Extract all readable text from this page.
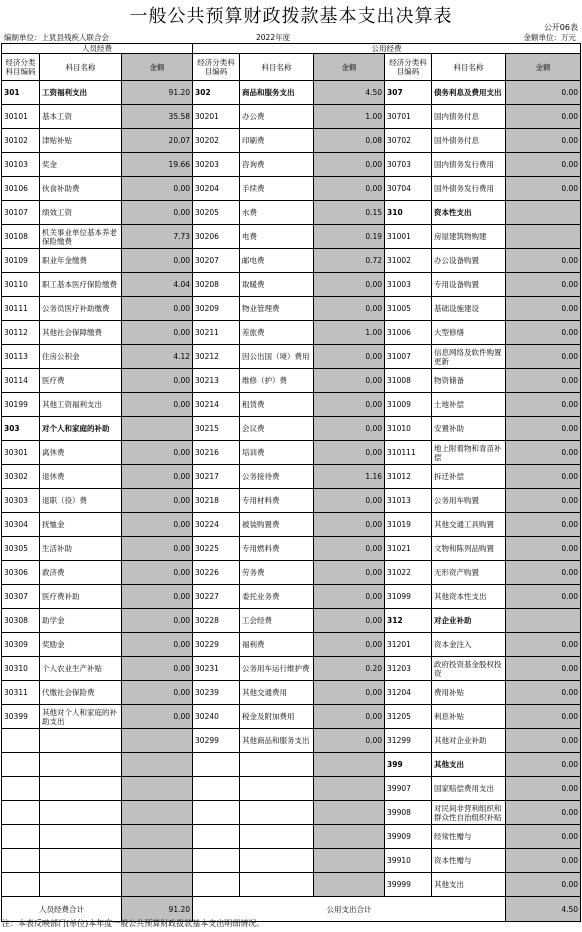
一般公共预算财政拨款基本支出决算表
公开06表
编制单位：上犹县残疾人联合会	2022年度	金额单位：万元
人员经费			公用经费					
经济分类科目编码	科目名称	金额	经济分类科目编码	科目名称	金额	经济分类科目编码	科目名称	金额
301	工资福利支出	91.20	302	商品和服务支出	4.50	307	债务利息及费用支出	0.00
30101	基本工资	35.58	30201	办公费	1.00	30701	国内债务付息	0.00
30102	津贴补贴	20.07	30202	印刷费	0.08	30702	国外债务付息	0.00
30103	奖金	19.66	30203	咨询费	0.00	30703	国内债务发行费用	0.00
30106	伙食补助费	0.00	30204	手续费	0.00	30704	国外债务发行费用	0.00
30107	绩效工资	0.00	30205	水费	0.15	310	资本性支出	
30108	机关事业单位基本养老保险缴费	7.73	30206	电费	0.19	31001	房屋建筑物购建	
30109	职业年金缴费	0.00	30207	邮电费	0.72	31002	办公设备购置	0.00
30110	职工基本医疗保险缴费	4.04	30208	取暖费	0.00	31003	专用设备购置	0.00
30111	公务员医疗补助缴费	0.00	30209	物业管理费	0.00	31005	基础设施建设	0.00
30112	其他社会保障缴费	0.00	30211	差旅费	1.00	31006	大型修缮	0.00
30113	住房公积金	4.12	30212	因公出国（境）费用	0.00	31007	信息网络及软件购置更新	0.00
30114	医疗费	0.00	30213	维修（护）费	0.00	31008	物资储备	0.00
30199	其他工资福利支出	0.00	30214	租赁费	0.00	31009	土地补偿	0.00
303	对个人和家庭的补助		30215	会议费	0.00	31010	安置补助	0.00
30301	离休费	0.00	30216	培训费	0.00	310111	地上附着物和青苗补偿	0.00
30302	退休费	0.00	30217	公务接待费	1.16	31012	拆迁补偿	0.00
30303	退职（役）费	0.00	30218	专用材料费	0.00	31013	公务用车购置	0.00
30304	抚恤金	0.00	30224	被装购置费	0.00	31019	其他交通工具购置	0.00
30305	生活补助	0.00	30225	专用燃料费	0.00	31021	文物和陈列品购置	0.00
30306	救济费	0.00	30226	劳务费	0.00	31022	无形资产购置	0.00
30307	医疗费补助	0.00	30227	委托业务费	0.00	31099	其他资本性支出	0.00
30308	助学金	0.00	30228	工会经费	0.00	312	对企业补助	
30309	奖励金	0.00	30229	福利费	0.00	31201	资本金注入	0.00
30310	个人农业生产补贴	0.00	30231	公务用车运行维护费	0.20	31203	政府投资基金股权投资	0.00
30311	代缴社会保险费	0.00	30239	其他交通费用	0.00	31204	费用补贴	0.00
30399	其他对个人和家庭的补助支出	0.00	30240	税金及附加费用	0.00	31205	利息补贴	0.00
			30299	其他商品和服务支出	0.00	31299	其他对企业补助	0.00
						399	其他支出	0.00
						39907	国家赔偿费用支出	0.00
						39908	对民间非营利组织和群众性自治组织补贴	0.00
						39909	经常性赠与	0.00
						39910	资本性赠与	0.00
						39999	其他支出	0.00
人员经费合计		91.20	公用支出合计					4.50
注：本表反映部门(单位)本年度一般公共预算财政拨款基本支出明细情况。
